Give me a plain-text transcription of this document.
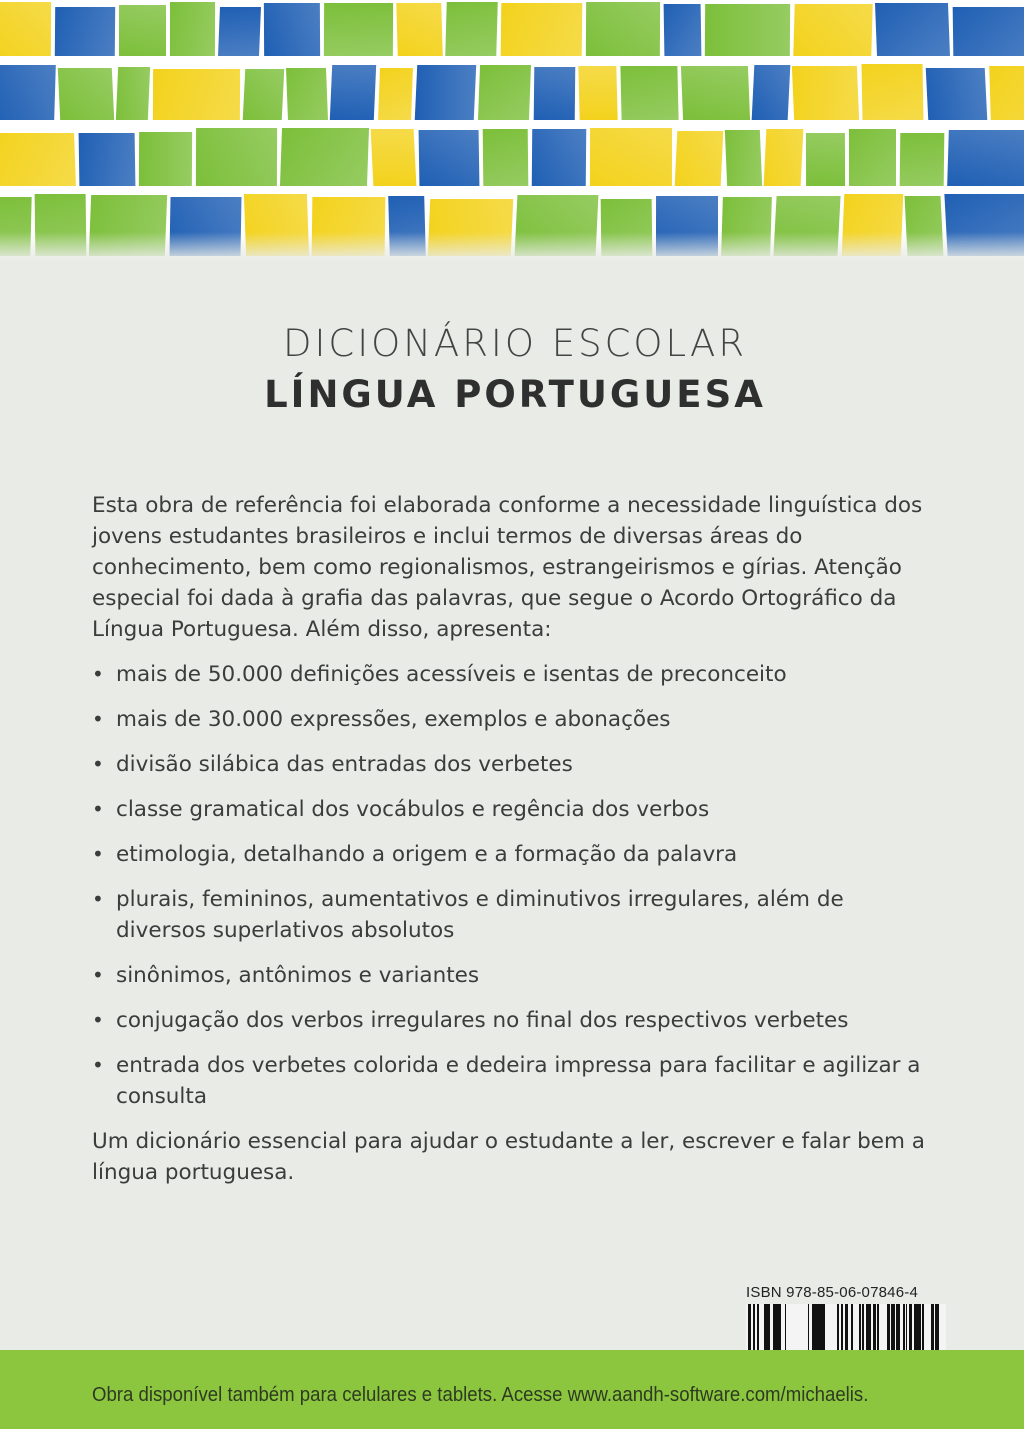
DICIONÁRIO ESCOLAR
LÍNGUA PORTUGUESA

Esta obra de referência foi elaborada conforme a necessidade linguística dos jovens estudantes brasileiros e inclui termos de diversas áreas do conhecimento, bem como regionalismos, estrangeirismos e gírias. Atenção especial foi dada à grafia das palavras, que segue o Acordo Ortográfico da Língua Portuguesa. Além disso, apresenta:

• mais de 50.000 definições acessíveis e isentas de preconceito
• mais de 30.000 expressões, exemplos e abonações
• divisão silábica das entradas dos verbetes
• classe gramatical dos vocábulos e regência dos verbos
• etimologia, detalhando a origem e a formação da palavra
• plurais, femininos, aumentativos e diminutivos irregulares, além de diversos superlativos absolutos
• sinônimos, antônimos e variantes
• conjugação dos verbos irregulares no final dos respectivos verbetes
• entrada dos verbetes colorida e dedeira impressa para facilitar e agilizar a consulta

Um dicionário essencial para ajudar o estudante a ler, escrever e falar bem a língua portuguesa.

ISBN 978-85-06-07846-4
Obra disponível também para celulares e tablets. Acesse www.aandh-software.com/michaelis.
